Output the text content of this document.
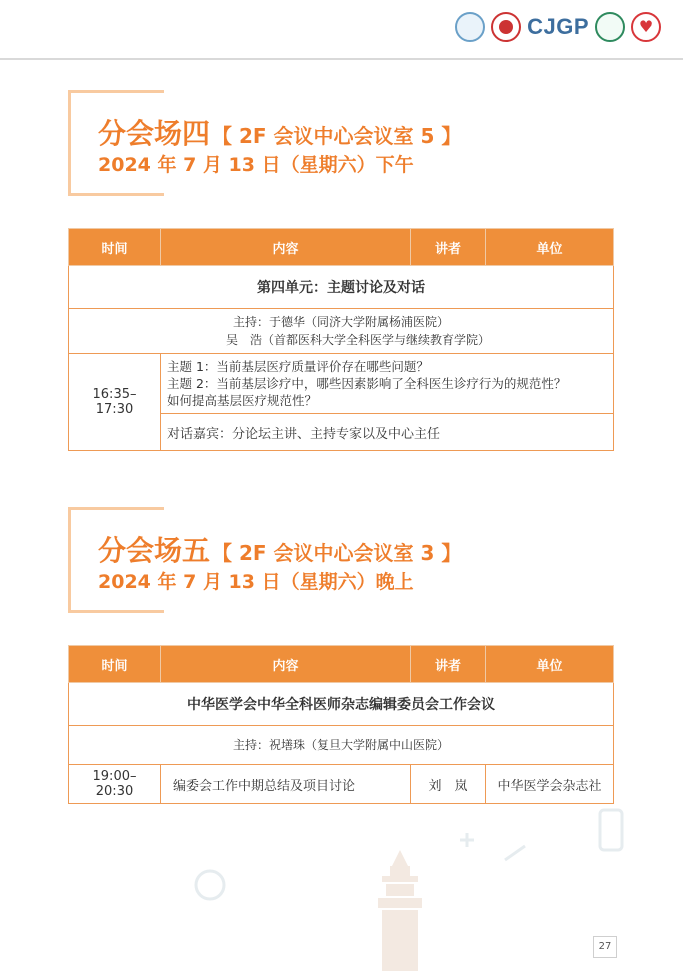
CJGP	♥
分会场四 【 2F 会议中心会议室 5 】
2024 年 7 月 13 日（星期六）下午
时间	内容	讲者	单位
第四单元：主题讨论及对话			

主持：于德华（同济大学附属杨浦医院）
吴　浩（首都医科大学全科医学与继续教育学院）			

16:35–17:30	主题 1：当前基层医疗质量评价存在哪些问题？
主题 2：当前基层诊疗中，哪些因素影响了全科医生诊疗行为的规范性？
如何提高基层医疗规范性？		

	对话嘉宾：分论坛主讲、主持专家以及中心主任		
分会场五 【 2F 会议中心会议室 3 】
2024 年 7 月 13 日（星期六）晚上
时间	内容	讲者	单位
中华医学会中华全科医师杂志编辑委员会工作会议			
主持：祝墡珠（复旦大学附属中山医院）			
19:00–20:30	编委会工作中期总结及项目讨论	刘　岚	中华医学会杂志社
27
